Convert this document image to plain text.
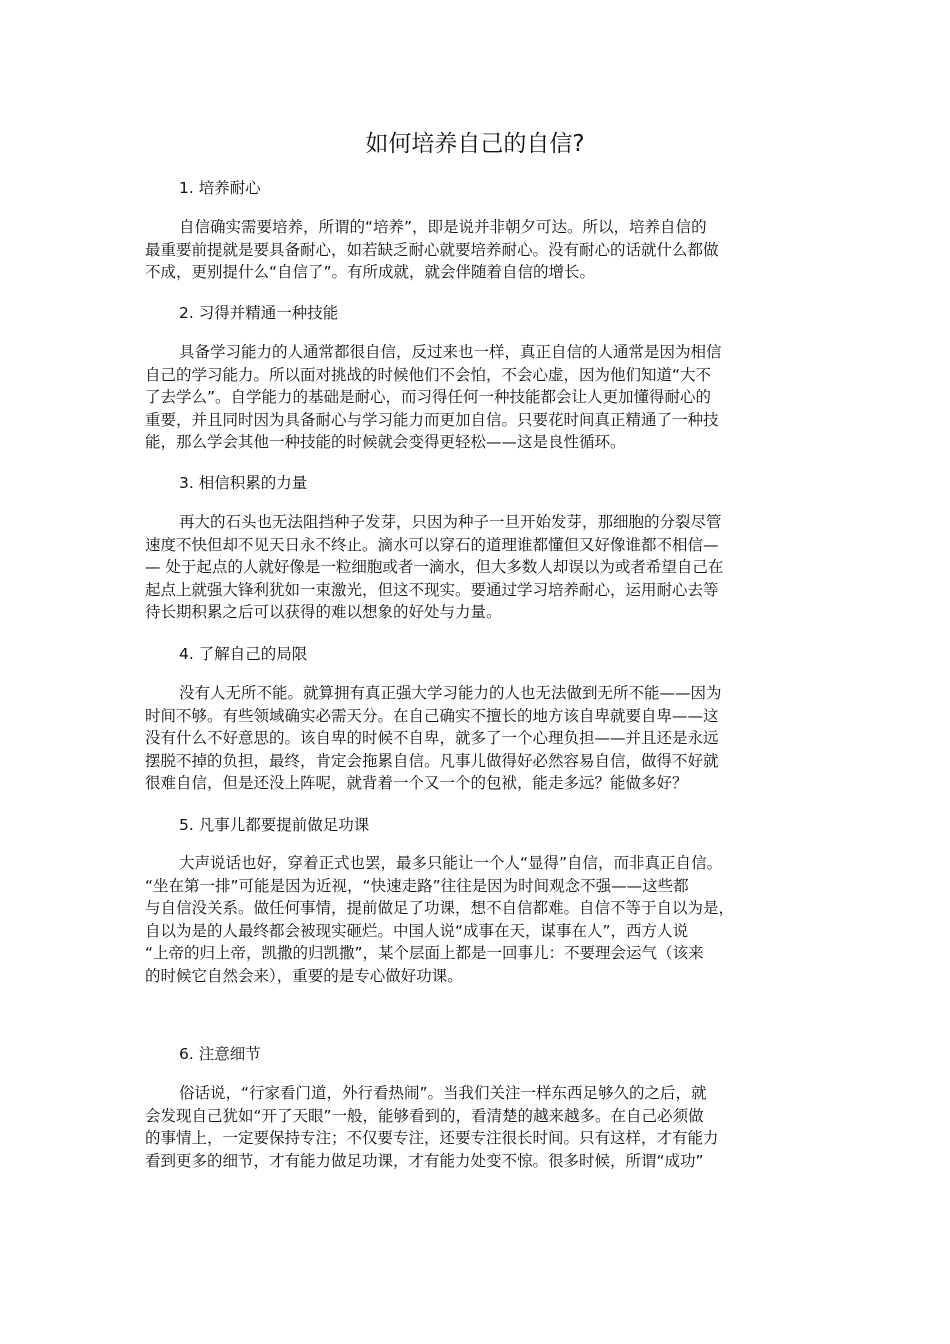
如何培养自己的自信?

1. 培养耐心

自信确实需要培养，所谓的“培养”，即是说并非朝夕可达。所以，培养自信的
最重要前提就是要具备耐心，如若缺乏耐心就要培养耐心。没有耐心的话就什么都做
不成，更别提什么“自信了”。有所成就，就会伴随着自信的增长。

2. 习得并精通一种技能

具备学习能力的人通常都很自信，反过来也一样，真正自信的人通常是因为相信
自己的学习能力。所以面对挑战的时候他们不会怕，不会心虚，因为他们知道“大不
了去学么”。自学能力的基础是耐心，而习得任何一种技能都会让人更加懂得耐心的
重要，并且同时因为具备耐心与学习能力而更加自信。只要花时间真正精通了一种技
能，那么学会其他一种技能的时候就会变得更轻松——这是良性循环。

3. 相信积累的力量

再大的石头也无法阻挡种子发芽，只因为种子一旦开始发芽，那细胞的分裂尽管
速度不快但却不见天日永不终止。滴水可以穿石的道理谁都懂但又好像谁都不相信—
— 处于起点的人就好像是一粒细胞或者一滴水，但大多数人却误以为或者希望自己在
起点上就强大锋利犹如一束激光，但这不现实。要通过学习培养耐心，运用耐心去等
待长期积累之后可以获得的难以想象的好处与力量。

4. 了解自己的局限

没有人无所不能。就算拥有真正强大学习能力的人也无法做到无所不能——因为
时间不够。有些领域确实必需天分。在自己确实不擅长的地方该自卑就要自卑——这
没有什么不好意思的。该自卑的时候不自卑，就多了一个心理负担——并且还是永远
摆脱不掉的负担，最终，肯定会拖累自信。凡事儿做得好必然容易自信，做得不好就
很难自信，但是还没上阵呢，就背着一个又一个的包袱，能走多远？能做多好？

5. 凡事儿都要提前做足功课

大声说话也好，穿着正式也罢，最多只能让一个人“显得”自信，而非真正自信。
“坐在第一排”可能是因为近视，“快速走路”往往是因为时间观念不强——这些都
与自信没关系。做任何事情，提前做足了功课，想不自信都难。自信不等于自以为是，
自以为是的人最终都会被现实砸烂。中国人说“成事在天，谋事在人”，西方人说
“上帝的归上帝，凯撒的归凯撒”，某个层面上都是一回事儿：不要理会运气（该来
的时候它自然会来），重要的是专心做好功课。

6. 注意细节

俗话说，“行家看门道，外行看热闹”。当我们关注一样东西足够久的之后，就
会发现自己犹如“开了天眼”一般，能够看到的，看清楚的越来越多。在自己必须做
的事情上，一定要保持专注；不仅要专注，还要专注很长时间。只有这样，才有能力
看到更多的细节，才有能力做足功课，才有能力处变不惊。很多时候，所谓“成功”
